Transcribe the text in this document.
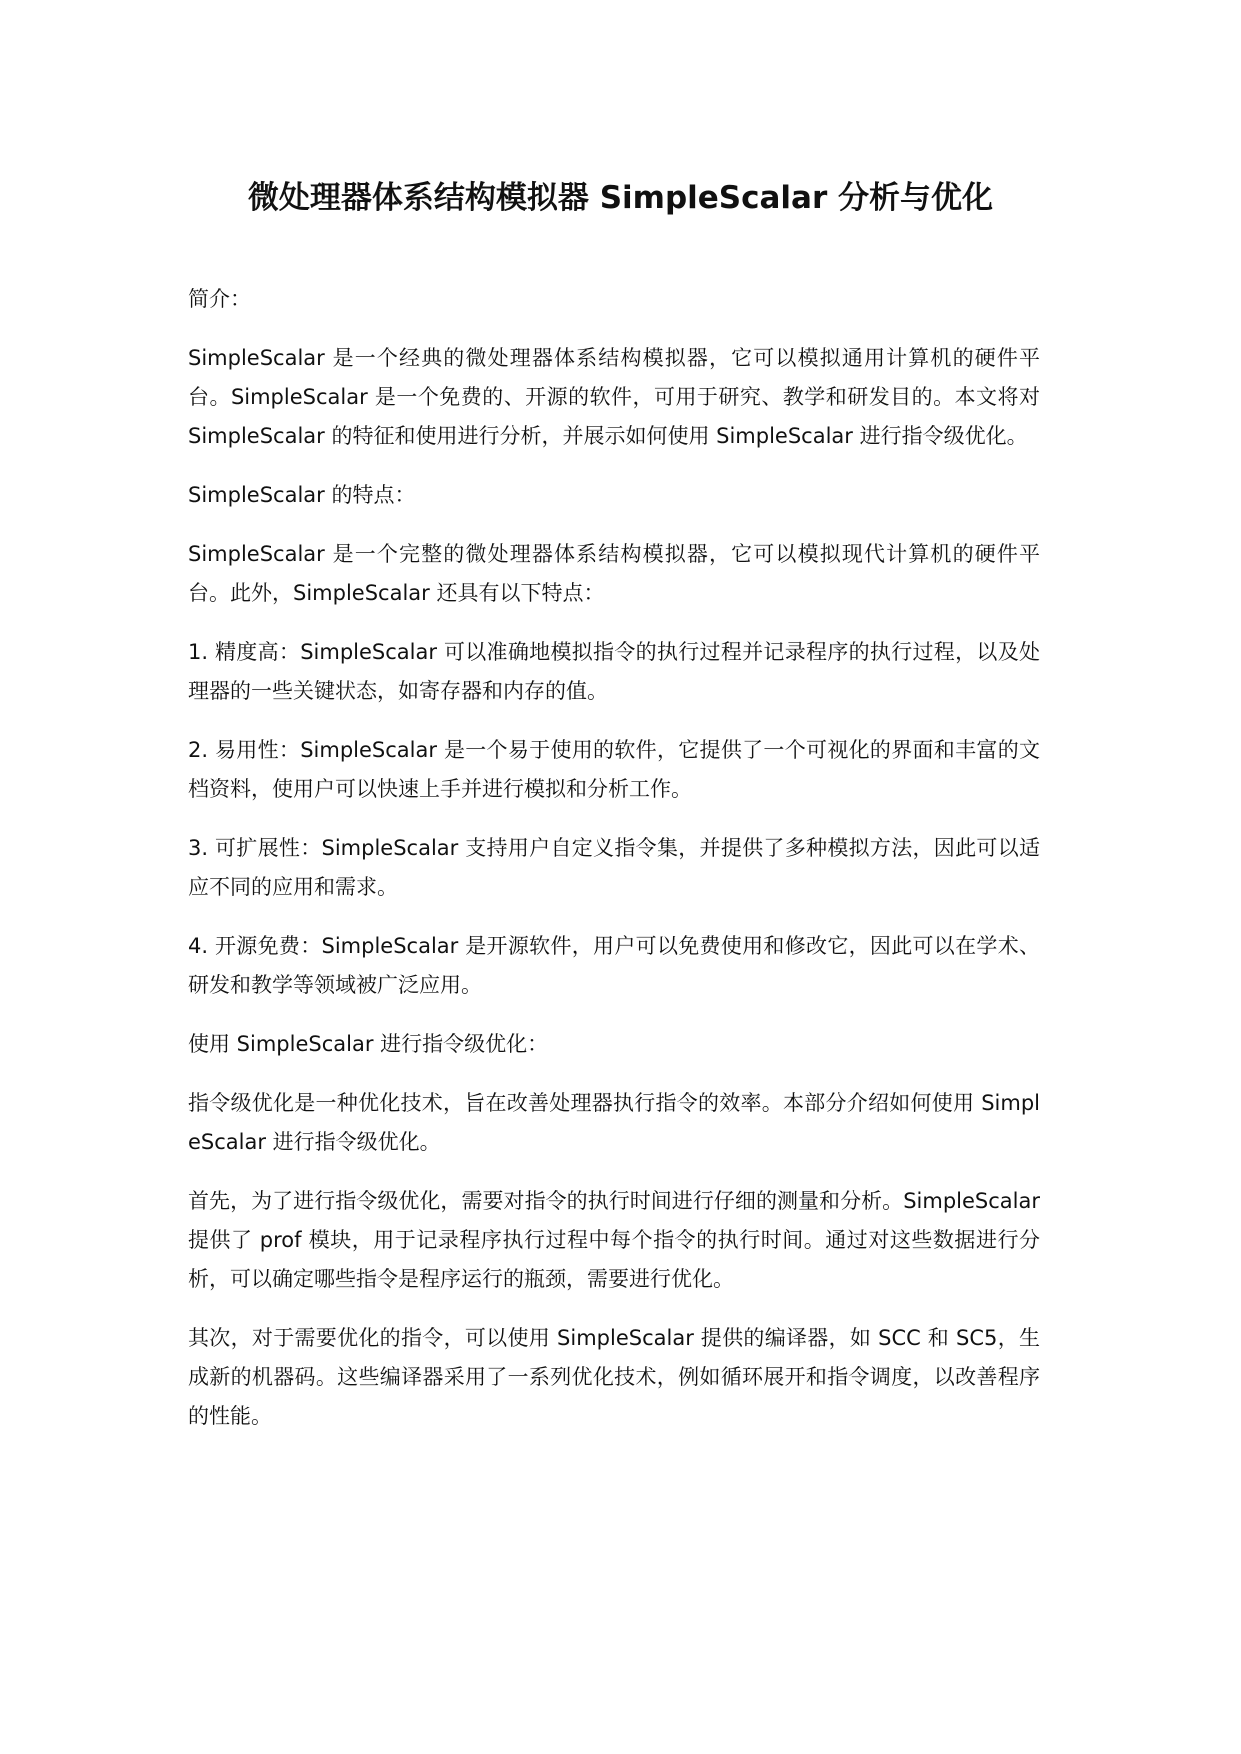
微处理器体系结构模拟器 SimpleScalar 分析与优化

简介：

SimpleScalar 是一个经典的微处理器体系结构模拟器，它可以模拟通用计算机的硬件平台。SimpleScalar 是一个免费的、开源的软件，可用于研究、教学和研发目的。本文将对 SimpleScalar 的特征和使用进行分析，并展示如何使用 SimpleScalar 进行指令级优化。

SimpleScalar 的特点：

SimpleScalar 是一个完整的微处理器体系结构模拟器，它可以模拟现代计算机的硬件平台。此外，SimpleScalar 还具有以下特点：

1. 精度高：SimpleScalar 可以准确地模拟指令的执行过程并记录程序的执行过程，以及处理器的一些关键状态，如寄存器和内存的值。

2. 易用性：SimpleScalar 是一个易于使用的软件，它提供了一个可视化的界面和丰富的文档资料，使用户可以快速上手并进行模拟和分析工作。

3. 可扩展性：SimpleScalar 支持用户自定义指令集，并提供了多种模拟方法，因此可以适应不同的应用和需求。

4. 开源免费：SimpleScalar 是开源软件，用户可以免费使用和修改它，因此可以在学术、研发和教学等领域被广泛应用。

使用 SimpleScalar 进行指令级优化：

指令级优化是一种优化技术，旨在改善处理器执行指令的效率。本部分介绍如何使用 SimpleScalar 进行指令级优化。

首先，为了进行指令级优化，需要对指令的执行时间进行仔细的测量和分析。SimpleScalar 提供了 prof 模块，用于记录程序执行过程中每个指令的执行时间。通过对这些数据进行分析，可以确定哪些指令是程序运行的瓶颈，需要进行优化。

其次，对于需要优化的指令，可以使用 SimpleScalar 提供的编译器，如 SCC 和 SC5，生成新的机器码。这些编译器采用了一系列优化技术，例如循环展开和指令调度，以改善程序的性能。
